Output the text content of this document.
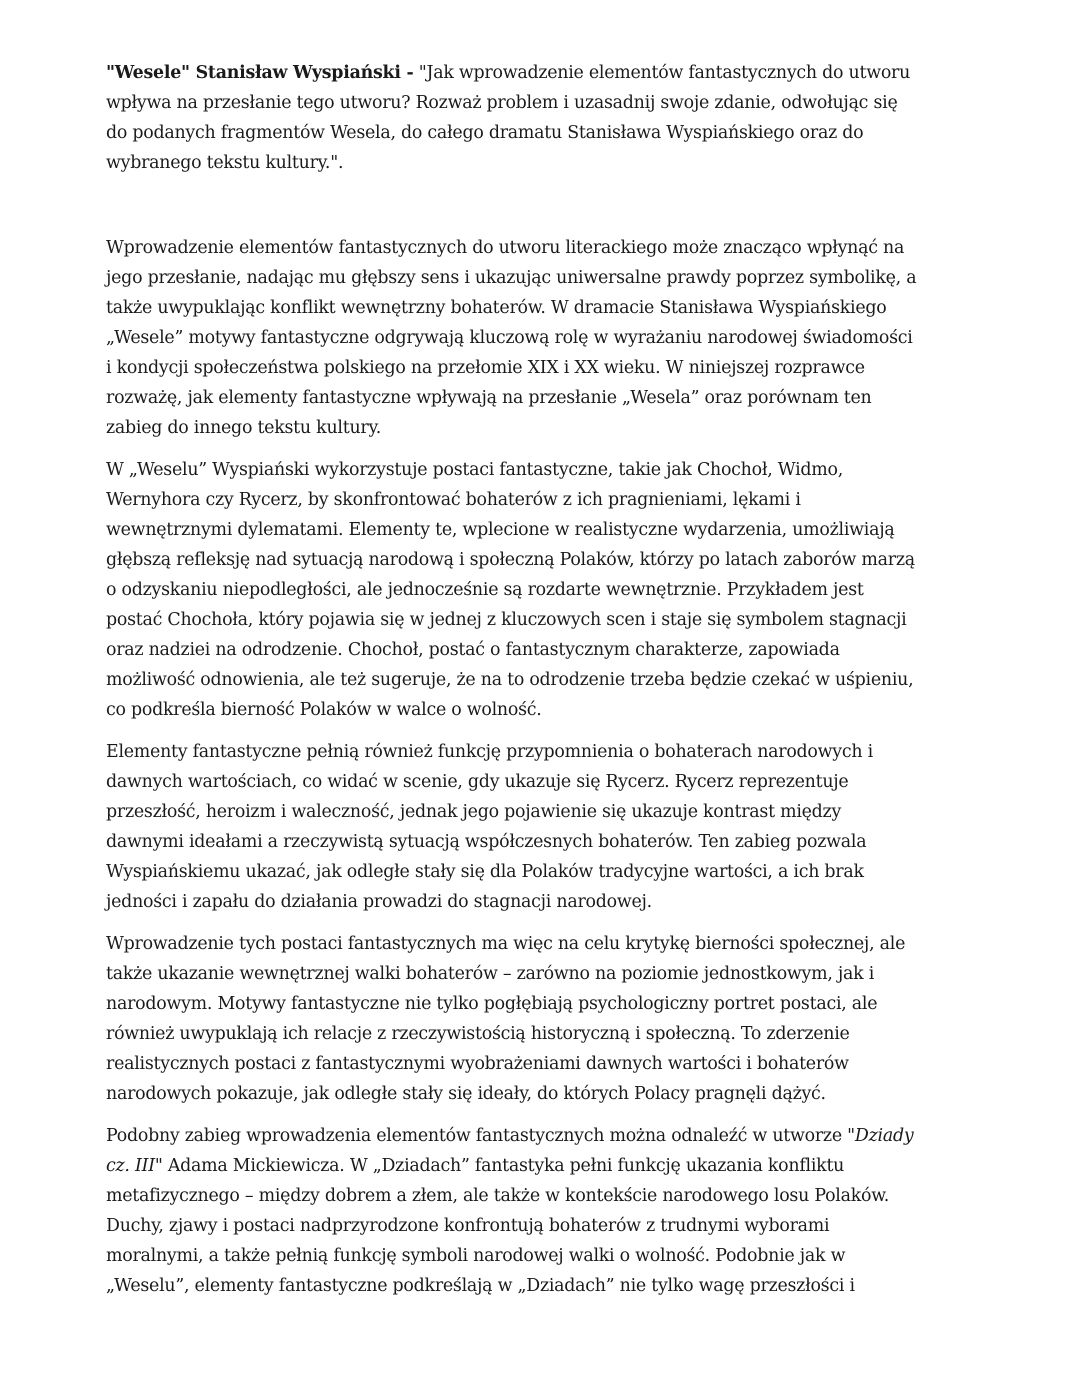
"Wesele" Stanisław Wyspiański - "Jak wprowadzenie elementów fantastycznych do utworu
wpływa na przesłanie tego utworu? Rozważ problem i uzasadnij swoje zdanie, odwołując się
do podanych fragmentów Wesela, do całego dramatu Stanisława Wyspiańskiego oraz do
wybranego tekstu kultury.".
Wprowadzenie elementów fantastycznych do utworu literackiego może znacząco wpłynąć na
jego przesłanie, nadając mu głębszy sens i ukazując uniwersalne prawdy poprzez symbolikę, a
także uwypuklając konflikt wewnętrzny bohaterów. W dramacie Stanisława Wyspiańskiego
„Wesele” motywy fantastyczne odgrywają kluczową rolę w wyrażaniu narodowej świadomości
i kondycji społeczeństwa polskiego na przełomie XIX i XX wieku. W niniejszej rozprawce
rozważę, jak elementy fantastyczne wpływają na przesłanie „Wesela” oraz porównam ten
zabieg do innego tekstu kultury.
W „Weselu” Wyspiański wykorzystuje postaci fantastyczne, takie jak Chochoł, Widmo,
Wernyhora czy Rycerz, by skonfrontować bohaterów z ich pragnieniami, lękami i
wewnętrznymi dylematami. Elementy te, wplecione w realistyczne wydarzenia, umożliwiają
głębszą refleksję nad sytuacją narodową i społeczną Polaków, którzy po latach zaborów marzą
o odzyskaniu niepodległości, ale jednocześnie są rozdarte wewnętrznie. Przykładem jest
postać Chochoła, który pojawia się w jednej z kluczowych scen i staje się symbolem stagnacji
oraz nadziei na odrodzenie. Chochoł, postać o fantastycznym charakterze, zapowiada
możliwość odnowienia, ale też sugeruje, że na to odrodzenie trzeba będzie czekać w uśpieniu,
co podkreśla bierność Polaków w walce o wolność.
Elementy fantastyczne pełnią również funkcję przypomnienia o bohaterach narodowych i
dawnych wartościach, co widać w scenie, gdy ukazuje się Rycerz. Rycerz reprezentuje
przeszłość, heroizm i waleczność, jednak jego pojawienie się ukazuje kontrast między
dawnymi ideałami a rzeczywistą sytuacją współczesnych bohaterów. Ten zabieg pozwala
Wyspiańskiemu ukazać, jak odległe stały się dla Polaków tradycyjne wartości, a ich brak
jedności i zapału do działania prowadzi do stagnacji narodowej.
Wprowadzenie tych postaci fantastycznych ma więc na celu krytykę bierności społecznej, ale
także ukazanie wewnętrznej walki bohaterów – zarówno na poziomie jednostkowym, jak i
narodowym. Motywy fantastyczne nie tylko pogłębiają psychologiczny portret postaci, ale
również uwypuklają ich relacje z rzeczywistością historyczną i społeczną. To zderzenie
realistycznych postaci z fantastycznymi wyobrażeniami dawnych wartości i bohaterów
narodowych pokazuje, jak odległe stały się ideały, do których Polacy pragnęli dążyć.
Podobny zabieg wprowadzenia elementów fantastycznych można odnaleźć w utworze "Dziady
cz. III" Adama Mickiewicza. W „Dziadach” fantastyka pełni funkcję ukazania konfliktu
metafizycznego – między dobrem a złem, ale także w kontekście narodowego losu Polaków.
Duchy, zjawy i postaci nadprzyrodzone konfrontują bohaterów z trudnymi wyborami
moralnymi, a także pełnią funkcję symboli narodowej walki o wolność. Podobnie jak w
„Weselu”, elementy fantastyczne podkreślają w „Dziadach” nie tylko wagę przeszłości i
